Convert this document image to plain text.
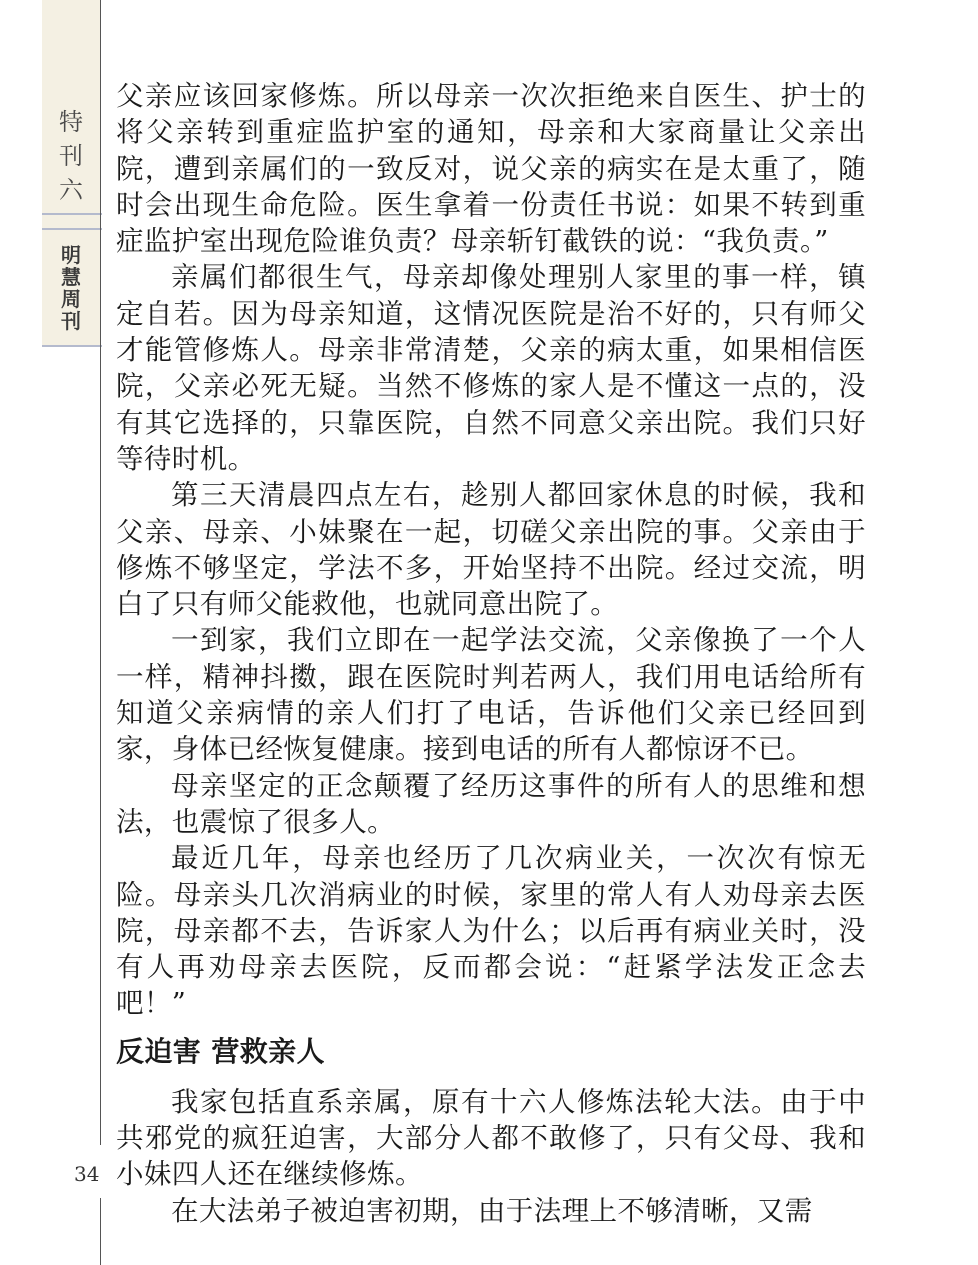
特
刊
六
明
慧
周
刊

父亲应该回家修炼。所以母亲一次次拒绝来自医生、护士的将父亲转到重症监护室的通知，母亲和大家商量让父亲出院，遭到亲属们的一致反对，说父亲的病实在是太重了，随时会出现生命危险。医生拿着一份责任书说：如果不转到重症监护室出现危险谁负责？母亲斩钉截铁的说：“我负责。”

亲属们都很生气，母亲却像处理别人家里的事一样，镇定自若。因为母亲知道，这情况医院是治不好的，只有师父才能管修炼人。母亲非常清楚，父亲的病太重，如果相信医院，父亲必死无疑。当然不修炼的家人是不懂这一点的，没有其它选择的，只靠医院，自然不同意父亲出院。我们只好等待时机。

第三天清晨四点左右，趁别人都回家休息的时候，我和父亲、母亲、小妹聚在一起，切磋父亲出院的事。父亲由于修炼不够坚定，学法不多，开始坚持不出院。经过交流，明白了只有师父能救他，也就同意出院了。

一到家，我们立即在一起学法交流，父亲像换了一个人一样，精神抖擞，跟在医院时判若两人，我们用电话给所有知道父亲病情的亲人们打了电话，告诉他们父亲已经回到家，身体已经恢复健康。接到电话的所有人都惊讶不已。

母亲坚定的正念颠覆了经历这事件的所有人的思维和想法，也震惊了很多人。

最近几年，母亲也经历了几次病业关，一次次有惊无险。母亲头几次消病业的时候，家里的常人有人劝母亲去医院，母亲都不去，告诉家人为什么；以后再有病业关时，没有人再劝母亲去医院，反而都会说：“赶紧学法发正念去吧！”

反迫害 营救亲人

我家包括直系亲属，原有十六人修炼法轮大法。由于中共邪党的疯狂迫害，大部分人都不敢修了，只有父母、我和小妹四人还在继续修炼。

在大法弟子被迫害初期，由于法理上不够清晰，又需

34
